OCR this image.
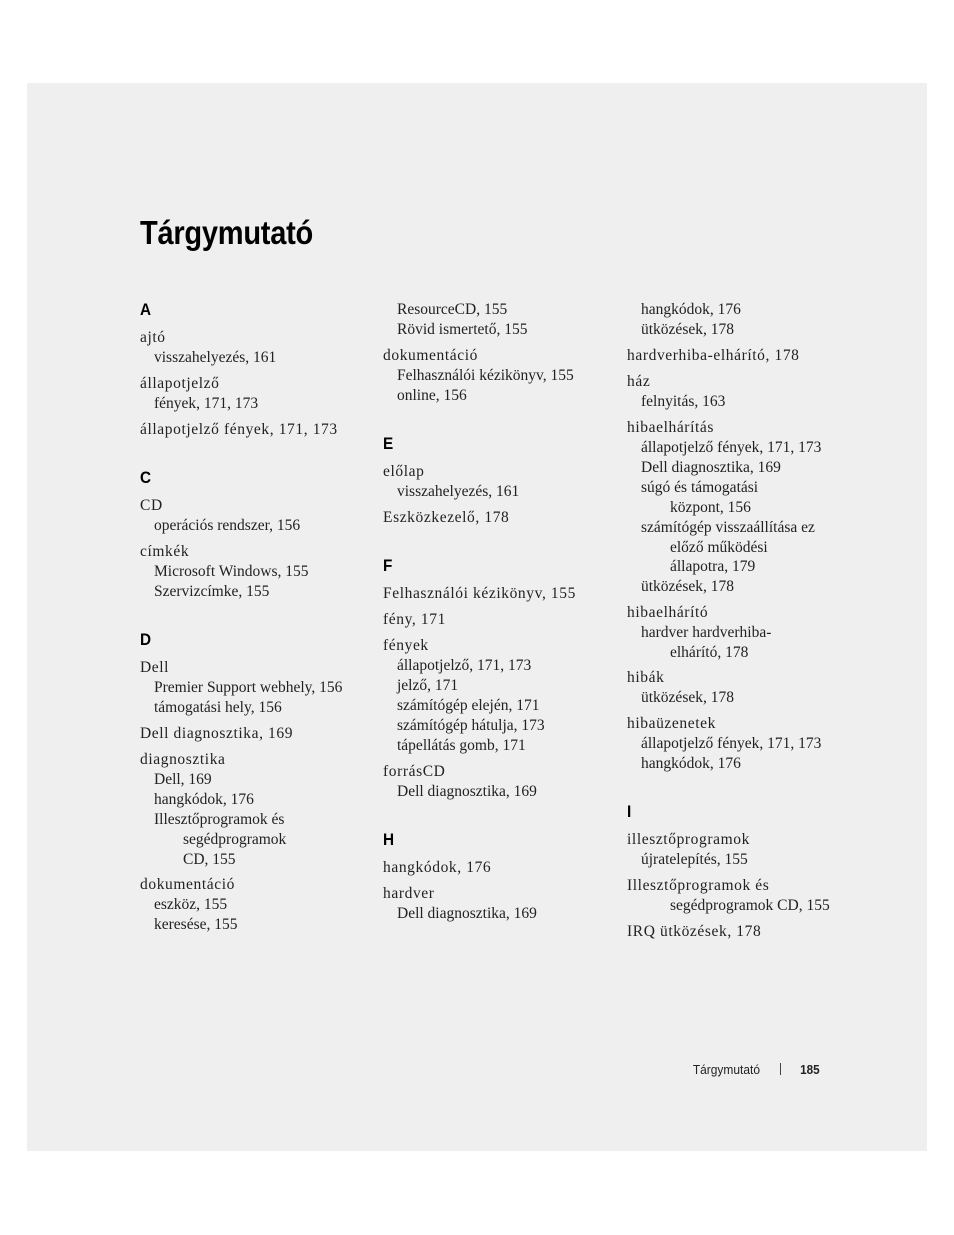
Tárgymutató
A
ajtó
visszahelyezés, 161
állapotjelző
fények, 171, 173
állapotjelző fények, 171, 173
C
CD
operációs rendszer, 156
címkék
Microsoft Windows, 155
Szervizcímke, 155
D
Dell
Premier Support webhely, 156
támogatási hely, 156
Dell diagnosztika, 169
diagnosztika
Dell, 169
hangkódok, 176
Illesztőprogramok és
segédprogramok
CD, 155
dokumentáció
eszköz, 155
keresése, 155
ResourceCD, 155
Rövid ismertető, 155
dokumentáció
Felhasználói kézikönyv, 155
online, 156
E
előlap
visszahelyezés, 161
Eszközkezelő, 178
F
Felhasználói kézikönyv, 155
fény, 171
fények
állapotjelző, 171, 173
jelző, 171
számítógép elején, 171
számítógép hátulja, 173
tápellátás gomb, 171
forrásCD
Dell diagnosztika, 169
H
hangkódok, 176
hardver
Dell diagnosztika, 169
hangkódok, 176
ütközések, 178
hardverhiba-elhárító, 178
ház
felnyitás, 163
hibaelhárítás
állapotjelző fények, 171, 173
Dell diagnosztika, 169
súgó és támogatási
központ, 156
számítógép visszaállítása ez
előző működési
állapotra, 179
ütközések, 178
hibaelhárító
hardver hardverhiba-
elhárító, 178
hibák
ütközések, 178
hibaüzenetek
állapotjelző fények, 171, 173
hangkódok, 176
I
illesztőprogramok
újratelepítés, 155
Illesztőprogramok és
segédprogramok CD, 155
IRQ ütközések, 178
Tárgymutató	185
